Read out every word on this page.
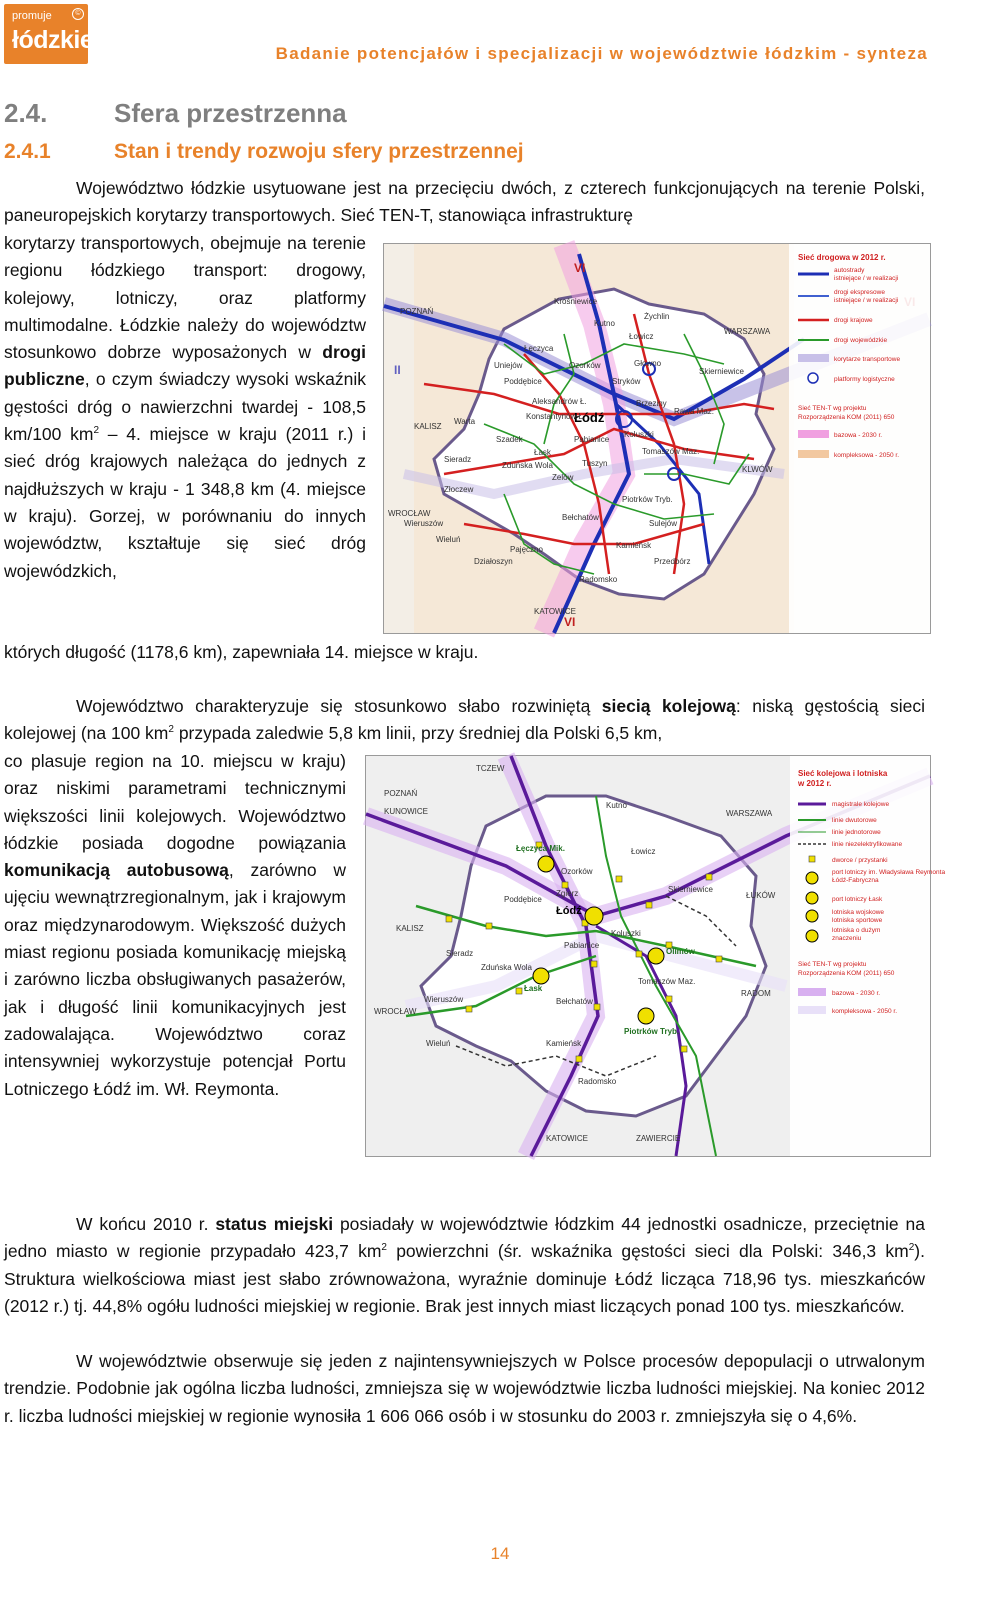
promuje
łódzkie
©
Badanie potencjałów i specjalizacji w województwie łódzkim - synteza
2.4.	Sfera przestrzenna
2.4.1	Stan i trendy rozwoju sfery przestrzennej
Województwo łódzkie usytuowane jest na przecięciu dwóch, z czterech funkcjonujących na terenie Polski, paneuropejskich korytarzy transportowych. Sieć TEN-T, stanowiąca infrastrukturę
korytarzy transportowych, obejmuje na terenie regionu łódzkiego transport: drogowy, kolejowy, lotniczy, oraz platformy multimodalne. Łódzkie należy do województw stosunkowo dobrze wyposażonych w drogi publiczne, o czym świadczy wysoki wskaźnik gęstości dróg o nawierzchni twardej - 108,5 km/100 $km^2 - 4$. miejsce w kraju (2011 r.) i sieć dróg krajowych należąca do jednych z najdłuższych w kraju - 1 348,8 km (4. miejsce w kraju). Gorzej, w porównaniu do innych województw, kształtuje się sieć dróg wojewódzkich,
których długość (1178,6 km), zapewniała 14. miejsce w kraju.
VI
II
VI
POZNAŃ
WARSZAWA
KALISZ
KLWÓW
WROCŁAW
KATOWICE
Łódź
Krośniewice
Kutno
Żychlin
Łęczyca
Łowicz
Uniejów	Ozorków	Głowno
Poddębice	Stryków
Skierniewice
Aleksandrów Ł.	Brzeziny
Konstantynów Ł.
Rawa Maz.
Warta
Szadek	Pabianice
Koluszki
Sieradz
Łask
Zduńska Wola	Tuszyn
Złoczew
Zelów
Tomaszów Maz.
Wieruszów
Bełchatów
Piotrków Tryb.
Sulejów
Wieluń
Kamieńsk
Pajęczno
Działoszyn
Radomsko
Przedbórz
Sieć drogowa w 2012 r.
autostrady
istniejące / w realizacji
drogi ekspresowe
istniejące / w realizacji
drogi krajowe
drogi wojewódzkie
korytarze transportowe
platformy logistyczne
Sieć TEN-T wg projektu
Rozporządzenia KOM (2011) 650
bazowa - 2030 r.
kompleksowa - 2050 r.
Województwo charakteryzuje się stosunkowo słabo rozwiniętą siecią kolejową: niską gęstością sieci kolejowej (na 100 $km^2$ przypada zaledwie 5,8 km linii, przy średniej dla Polski 6,5 km,
co plasuje region na 10. miejscu w kraju) oraz niskimi parametrami technicznymi większości linii kolejowych. Województwo łódzkie posiada dogodne powiązania komunikacją autobusową, zarówno w ujęciu wewnątrzregionalnym, jak i krajowym oraz międzynarodowym. Większość dużych miast regionu posiada komunikację miejską i zarówno liczba obsługiwanych pasażerów, jak i długość linii komunikacyjnych jest zadowalająca. Województwo coraz intensywniej wykorzystuje potencjał Portu Lotniczego Łódź im. Wł. Reymonta.
Łęczyca Mik.
Łódź
Olimów
Łask
Piotrków Tryb.
Kutno
Ozorków
Łowicz
Poddębice
Zgierz	Skierniewice
Sieradz
Zduńska Wola
Pabianice
Koluszki
Tomaszów Maz.
Wieruszów	Bełchatów
Wieluń	Kamieńsk
Radomsko
POZNAŃ
KUNOWICE
TCZEW
WARSZAWA
ŁUKÓW
KALISZ
WROCŁAW
RADOM
KATOWICE	ZAWIERCIE
Sieć kolejowa i lotniska
w 2012 r.
magistrale kolejowe
linie dwutorowe
linie jednotorowe
linie niezelektryfikowane
dworce / przystanki
port lotniczy im. Władysława Reymonta
Łódź-Fabryczna
port lotniczy Łask
lotniska wojskowe
lotniska sportowe
lotniska o dużym
znaczeniu
Sieć TEN-T wg projektu
Rozporządzenia KOM (2011) 650
bazowa - 2030 r.
kompleksowa - 2050 r.
W końcu 2010 r. status miejski posiadały w województwie łódzkim 44 jednostki osadnicze, przeciętnie na jedno miasto w regionie przypadało 423,7 $km^2$ powierzchni (śr. wskaźnika gęstości sieci dla Polski: 346,3 $km^2$). Struktura wielkościowa miast jest słabo zrównoważona, wyraźnie dominuje Łódź licząca 718,96 tys. mieszkańców (2012 r.) tj. 44,8% ogółu ludności miejskiej w regionie. Brak jest innych miast liczących ponad 100 tys. mieszkańców.
W województwie obserwuje się jeden z najintensywniejszych w Polsce procesów depopulacji o utrwalonym trendzie. Podobnie jak ogólna liczba ludności, zmniejsza się w województwie liczba ludności miejskiej. Na koniec 2012 r. liczba ludności miejskiej w regionie wynosiła 1 606 066 osób i w stosunku do 2003 r. zmniejszyła się o 4,6%.
14
